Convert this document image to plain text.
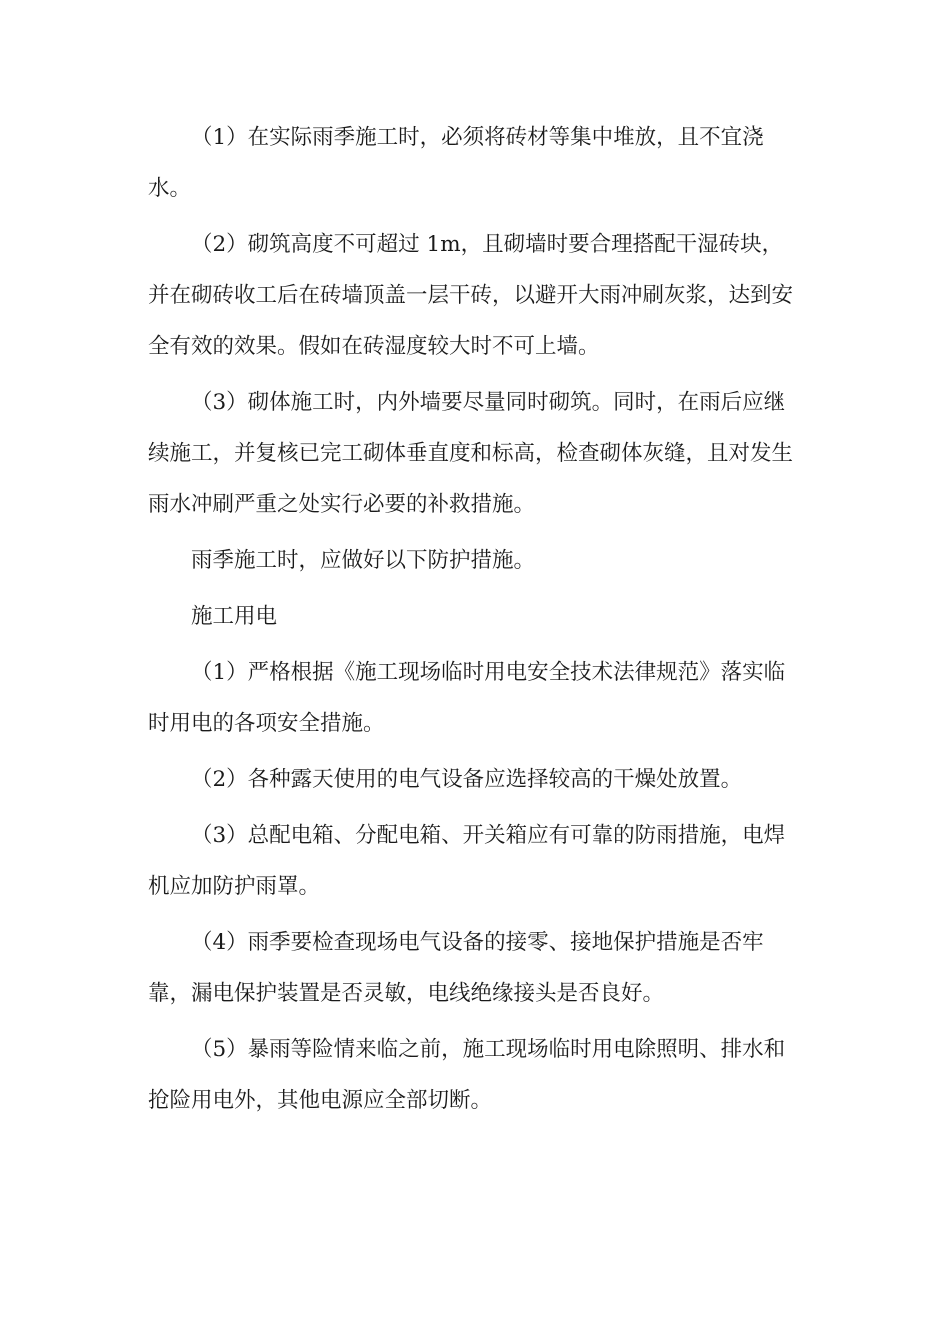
（1）在实际雨季施工时，必须将砖材等集中堆放，且不宜浇水。

（2）砌筑高度不可超过 1m，且砌墙时要合理搭配干湿砖块，并在砌砖收工后在砖墙顶盖一层干砖，以避开大雨冲刷灰浆，达到安全有效的效果。假如在砖湿度较大时不可上墙。

（3）砌体施工时，内外墙要尽量同时砌筑。同时，在雨后应继续施工，并复核已完工砌体垂直度和标高，检查砌体灰缝，且对发生雨水冲刷严重之处实行必要的补救措施。

雨季施工时，应做好以下防护措施。

施工用电

（1）严格根据《施工现场临时用电安全技术法律规范》落实临时用电的各项安全措施。

（2）各种露天使用的电气设备应选择较高的干燥处放置。

（3）总配电箱、分配电箱、开关箱应有可靠的防雨措施，电焊机应加防护雨罩。

（4）雨季要检查现场电气设备的接零、接地保护措施是否牢靠，漏电保护装置是否灵敏，电线绝缘接头是否良好。

（5）暴雨等险情来临之前，施工现场临时用电除照明、排水和抢险用电外，其他电源应全部切断。
